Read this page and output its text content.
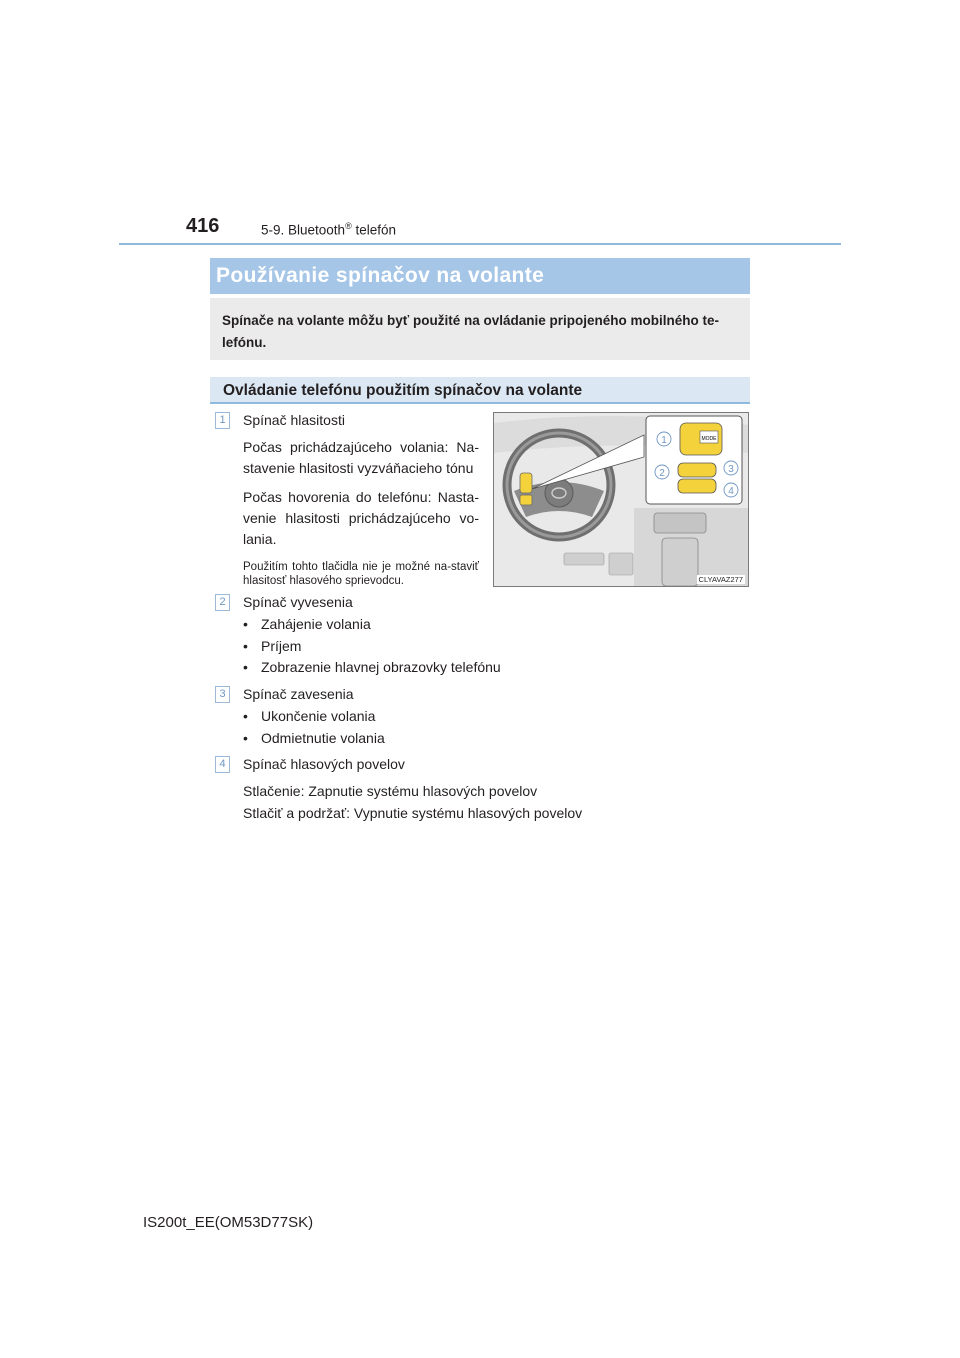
416	5-9. Bluetooth® telefón
Používanie spínačov na volante
Spínače na volante môžu byť použité na ovládanie pripojeného mobilného te-lefónu.
Ovládanie telefónu použitím spínačov na volante
1	Spínač hlasitosti
Počas prichádzajúceho volania: Na-stavenie hlasitosti vyzváňacieho tónu
Počas hovorenia do telefónu: Nasta-venie hlasitosti prichádzajúceho vo-lania.
Použitím tohto tlačidla nie je možné na-staviť hlasitosť hlasového sprievodcu.
MODE
1
2	3
4
CLYAVAZ277
2	Spínač vyvesenia
• Zahájenie volania
• Príjem
• Zobrazenie hlavnej obrazovky telefónu
3	Spínač zavesenia
• Ukončenie volania
• Odmietnutie volania
4	Spínač hlasových povelov
Stlačenie: Zapnutie systému hlasových povelov
Stlačiť a podržať: Vypnutie systému hlasových povelov
IS200t_EE(OM53D77SK)
